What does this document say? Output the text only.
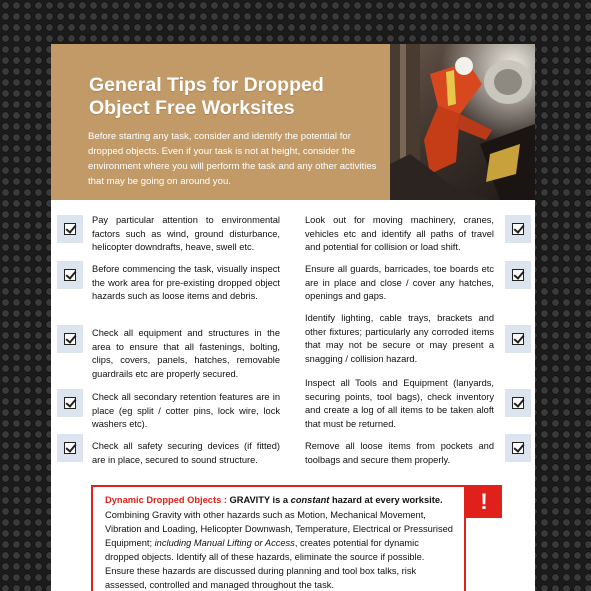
General Tips for Dropped
Object Free Worksites

Before starting any task, consider and identify the potential for dropped objects. Even if your task is not at height, consider the environment where you will perform the task and any other activities that may be going on around you.

Pay particular attention to environmental factors such as wind, ground disturbance, helicopter downdrafts, heave, swell etc.

Before commencing the task, visually inspect the work area for pre-existing dropped object hazards such as loose items and debris.

Check all equipment and structures in the area to ensure that all fastenings, bolting, clips, covers, panels, hatches, removable guardrails etc are properly secured.

Check all secondary retention features are in place (eg split / cotter pins, lock wire, lock washers etc).

Check all safety securing devices (if fitted) are in place, secured to sound structure.

Look out for moving machinery, cranes, vehicles etc and identify all paths of travel and potential for collision or load shift.

Ensure all guards, barricades, toe boards etc are in place and close / cover any hatches, openings and gaps.

Identify lighting, cable trays, brackets and other fixtures; particularly any corroded items that may not be secure or may present a snagging / collision hazard.

Inspect all Tools and Equipment (lanyards, securing points, tool bags), check inventory and create a log of all items to be taken aloft that must be returned.

Remove all loose items from pockets and toolbags and secure them properly.

Dynamic Dropped Objects : GRAVITY is a constant hazard at every worksite.

Combining Gravity with other hazards such as Motion, Mechanical Movement, Vibration and Loading, Helicopter Downwash, Temperature, Electrical or Pressurised Equipment; including Manual Lifting or Access, creates potential for dynamic dropped objects. Identify all of these hazards, eliminate the source if possible. Ensure these hazards are discussed during planning and tool box talks, risk assessed, controlled and managed throughout the task.

!
